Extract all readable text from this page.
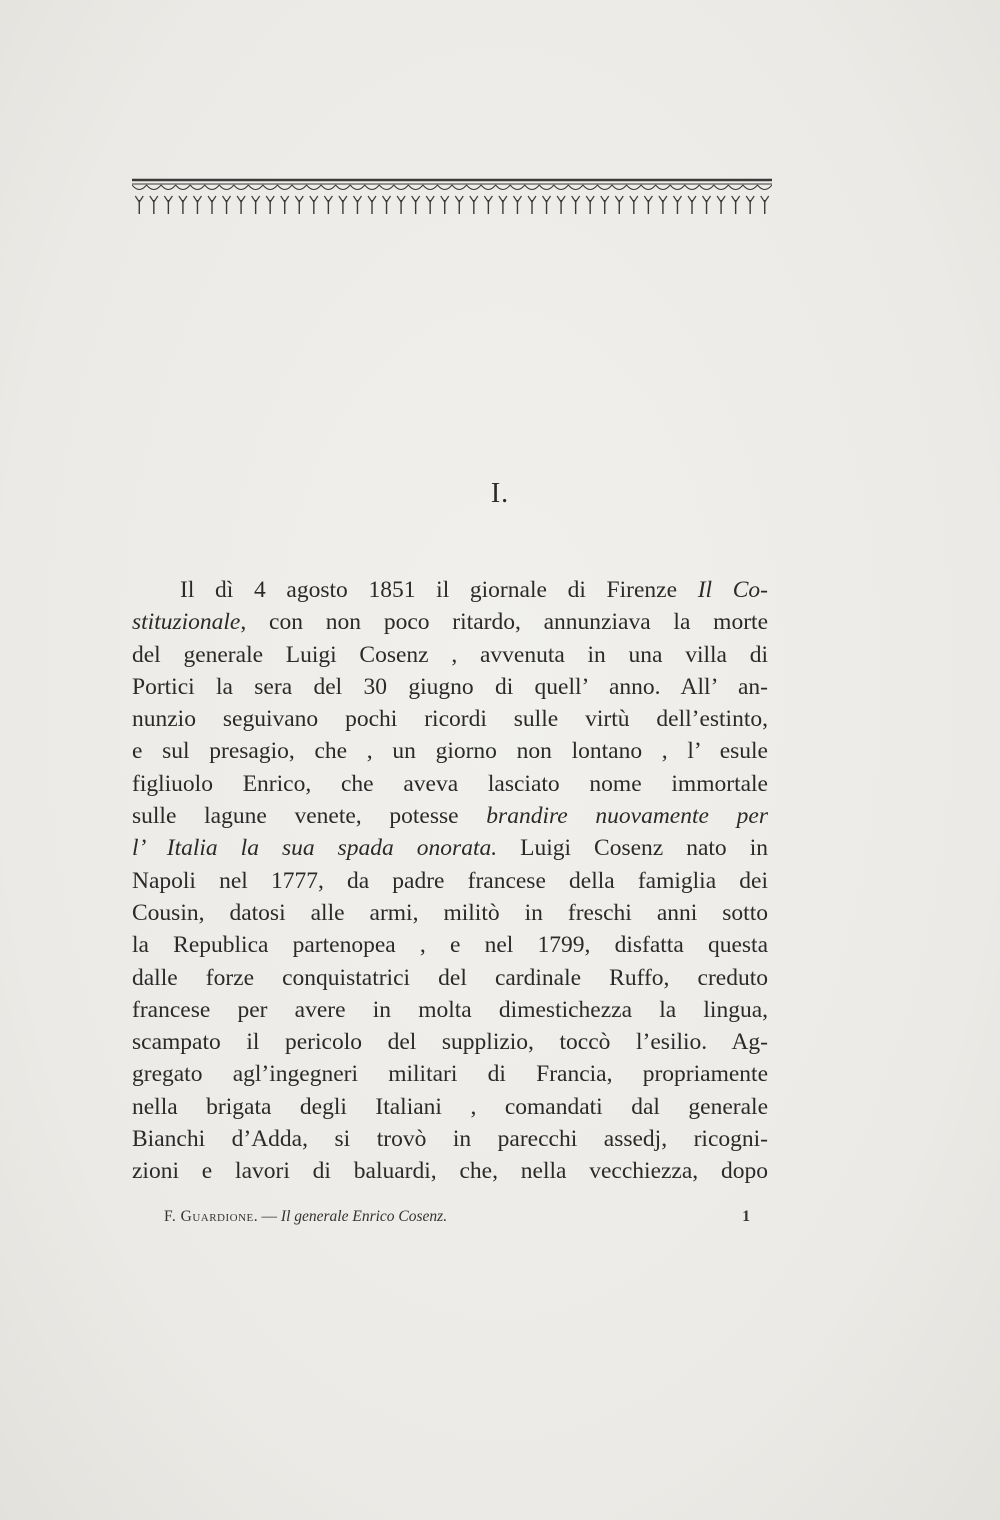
I.
Il dì 4 agosto 1851 il giornale di Firenze Il Co-
stituzionale, con non poco ritardo, annunziava la morte
del generale Luigi Cosenz , avvenuta in una villa di
Portici la sera del 30 giugno di quell’ anno. All’ an-
nunzio seguivano pochi ricordi sulle virtù dell’estinto,
e sul presagio, che , un giorno non lontano , l’ esule
figliuolo Enrico, che aveva lasciato nome immortale
sulle lagune venete, potesse brandire nuovamente per
l’ Italia la sua spada onorata. Luigi Cosenz nato in
Napoli nel 1777, da padre francese della famiglia dei
Cousin, datosi alle armi, militò in freschi anni sotto
la Republica partenopea , e nel 1799, disfatta questa
dalle forze conquistatrici del cardinale Ruffo, creduto
francese per avere in molta dimestichezza la lingua,
scampato il pericolo del supplizio, toccò l’esilio. Ag-
gregato agl’ingegneri militari di Francia, propriamente
nella brigata degli Italiani , comandati dal generale
Bianchi d’Adda, si trovò in parecchi assedj, ricogni-
zioni e lavori di baluardi, che, nella vecchiezza, dopo
F. Guardione. — Il generale Enrico Cosenz.	1
